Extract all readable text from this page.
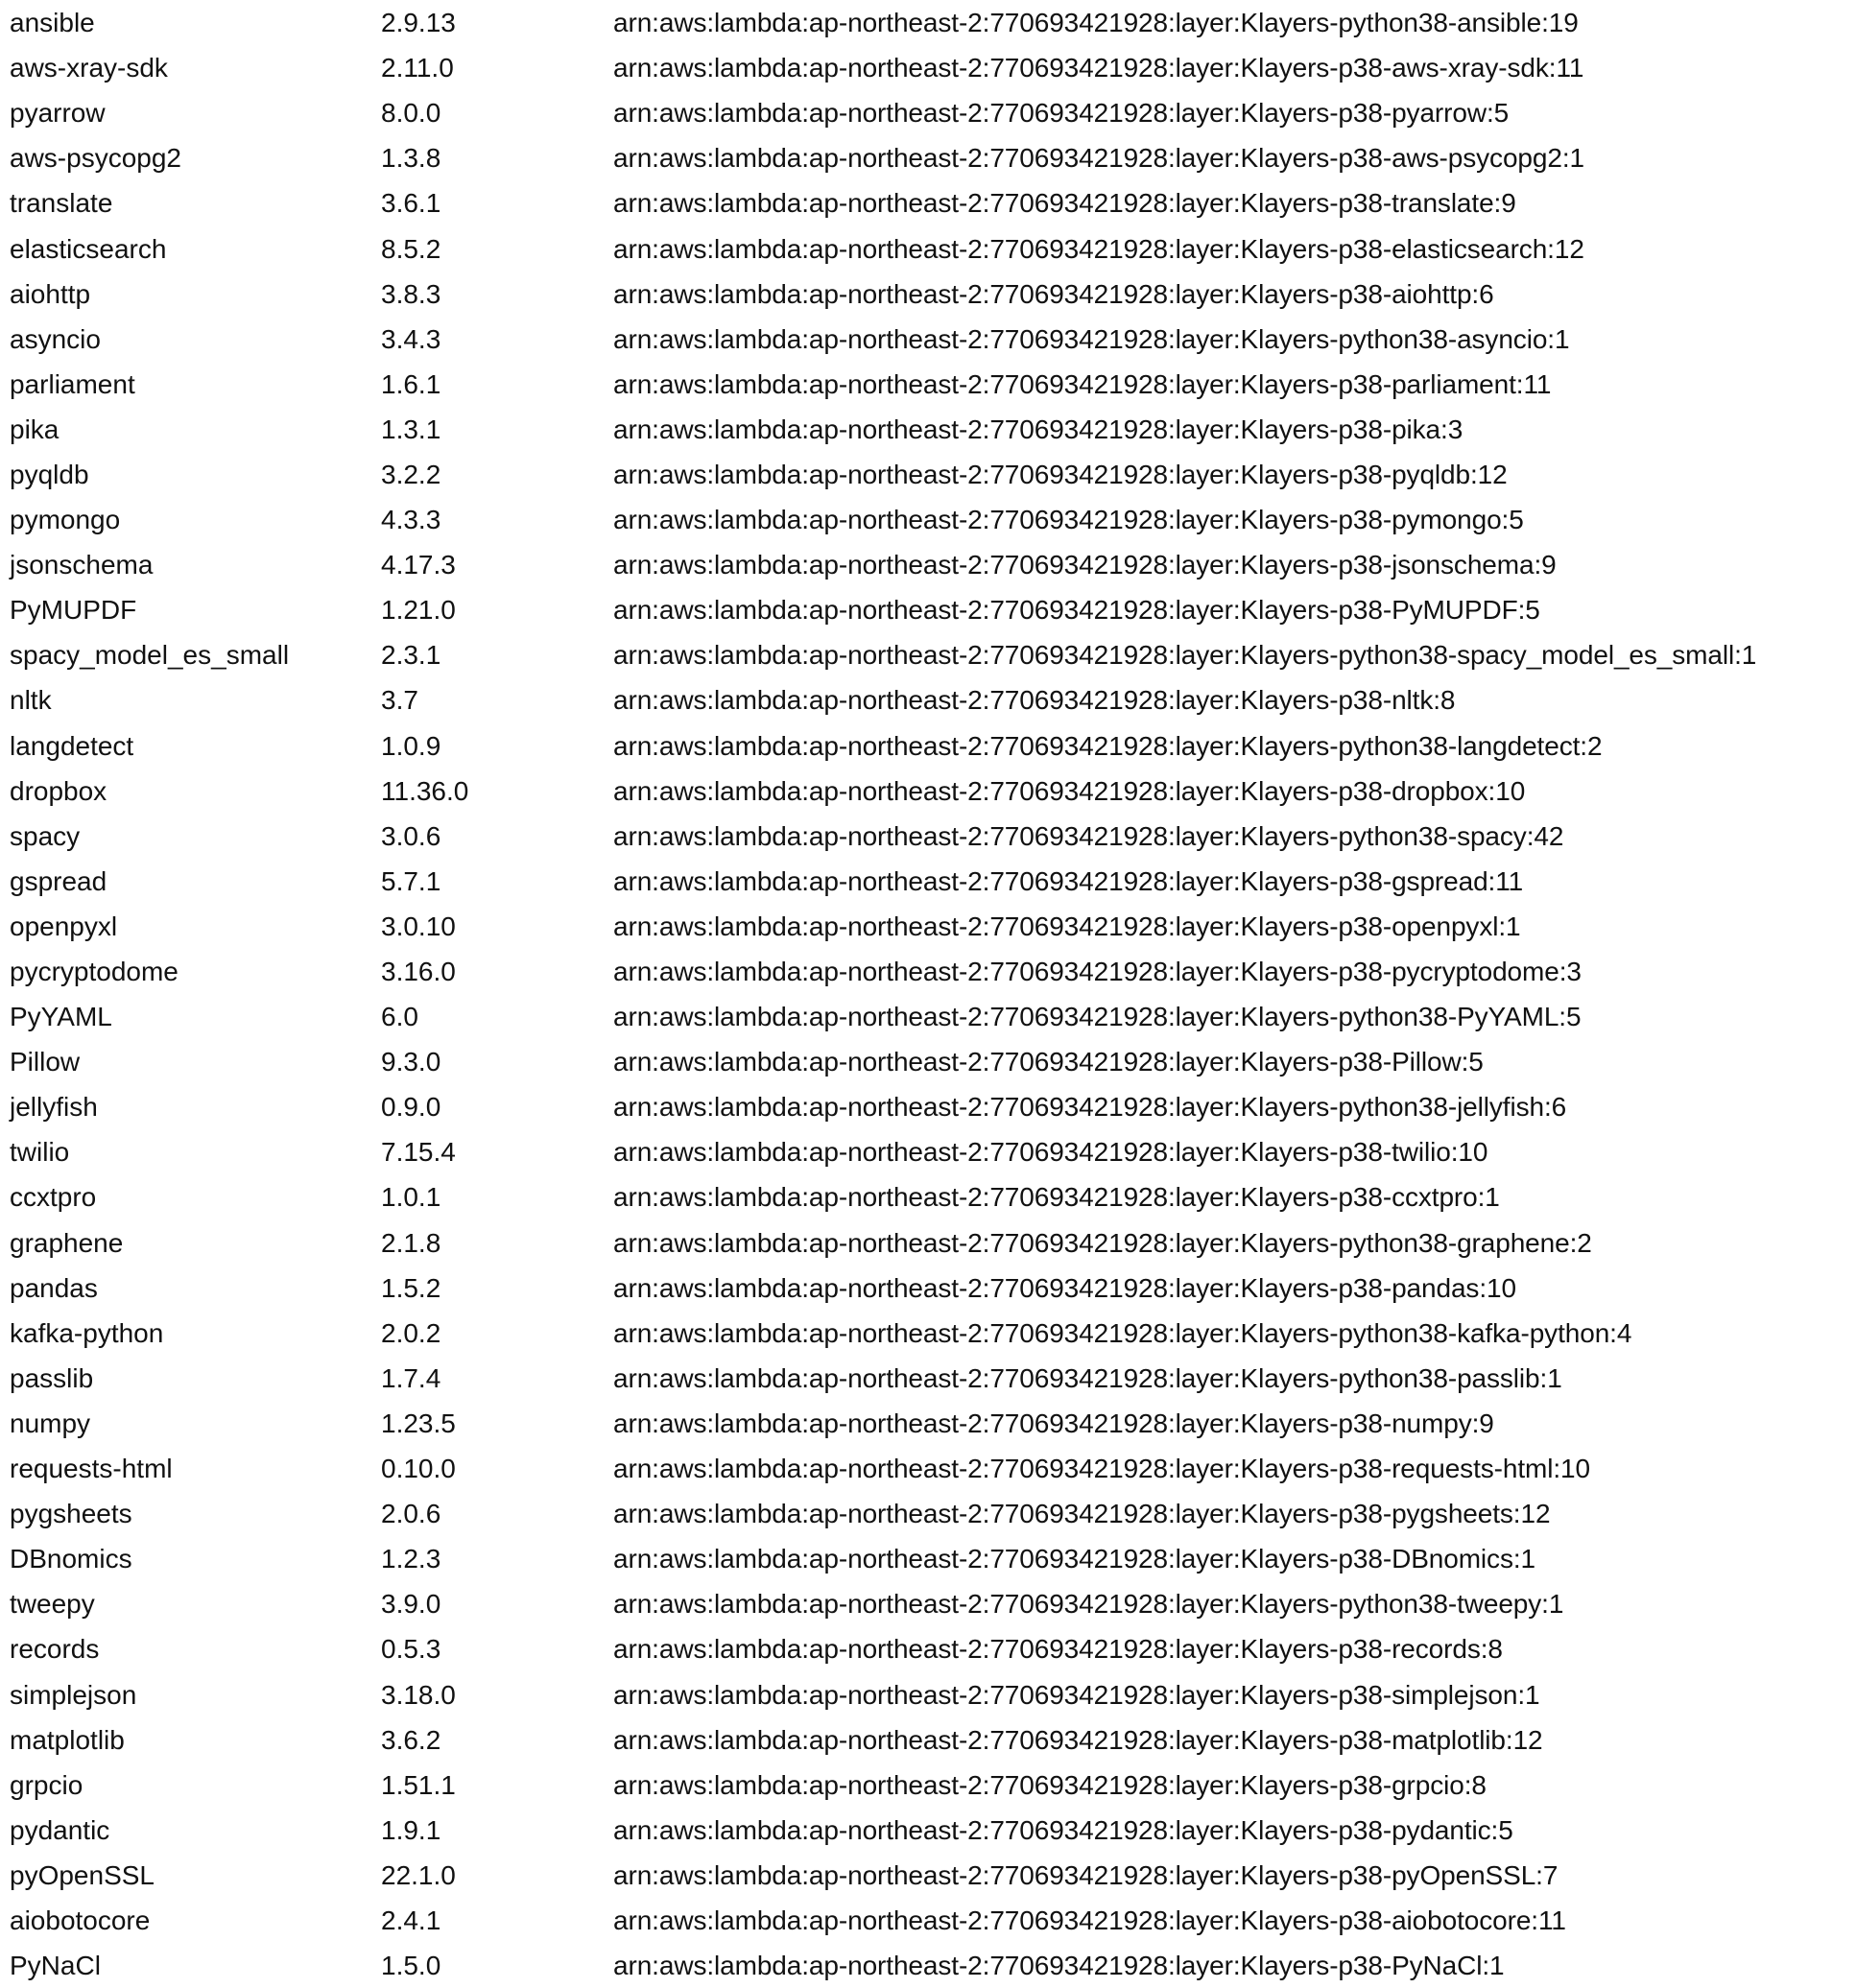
ansible	2.9.13	arn:aws:lambda:ap-northeast-2:770693421928:layer:Klayers-python38-ansible:19
aws-xray-sdk	2.11.0	arn:aws:lambda:ap-northeast-2:770693421928:layer:Klayers-p38-aws-xray-sdk:11
pyarrow	8.0.0	arn:aws:lambda:ap-northeast-2:770693421928:layer:Klayers-p38-pyarrow:5
aws-psycopg2	1.3.8	arn:aws:lambda:ap-northeast-2:770693421928:layer:Klayers-p38-aws-psycopg2:1
translate	3.6.1	arn:aws:lambda:ap-northeast-2:770693421928:layer:Klayers-p38-translate:9
elasticsearch	8.5.2	arn:aws:lambda:ap-northeast-2:770693421928:layer:Klayers-p38-elasticsearch:12
aiohttp	3.8.3	arn:aws:lambda:ap-northeast-2:770693421928:layer:Klayers-p38-aiohttp:6
asyncio	3.4.3	arn:aws:lambda:ap-northeast-2:770693421928:layer:Klayers-python38-asyncio:1
parliament	1.6.1	arn:aws:lambda:ap-northeast-2:770693421928:layer:Klayers-p38-parliament:11
pika	1.3.1	arn:aws:lambda:ap-northeast-2:770693421928:layer:Klayers-p38-pika:3
pyqldb	3.2.2	arn:aws:lambda:ap-northeast-2:770693421928:layer:Klayers-p38-pyqldb:12
pymongo	4.3.3	arn:aws:lambda:ap-northeast-2:770693421928:layer:Klayers-p38-pymongo:5
jsonschema	4.17.3	arn:aws:lambda:ap-northeast-2:770693421928:layer:Klayers-p38-jsonschema:9
PyMUPDF	1.21.0	arn:aws:lambda:ap-northeast-2:770693421928:layer:Klayers-p38-PyMUPDF:5
spacy_model_es_small	2.3.1	arn:aws:lambda:ap-northeast-2:770693421928:layer:Klayers-python38-spacy_model_es_small:1
nltk	3.7	arn:aws:lambda:ap-northeast-2:770693421928:layer:Klayers-p38-nltk:8
langdetect	1.0.9	arn:aws:lambda:ap-northeast-2:770693421928:layer:Klayers-python38-langdetect:2
dropbox	11.36.0	arn:aws:lambda:ap-northeast-2:770693421928:layer:Klayers-p38-dropbox:10
spacy	3.0.6	arn:aws:lambda:ap-northeast-2:770693421928:layer:Klayers-python38-spacy:42
gspread	5.7.1	arn:aws:lambda:ap-northeast-2:770693421928:layer:Klayers-p38-gspread:11
openpyxl	3.0.10	arn:aws:lambda:ap-northeast-2:770693421928:layer:Klayers-p38-openpyxl:1
pycryptodome	3.16.0	arn:aws:lambda:ap-northeast-2:770693421928:layer:Klayers-p38-pycryptodome:3
PyYAML	6.0	arn:aws:lambda:ap-northeast-2:770693421928:layer:Klayers-python38-PyYAML:5
Pillow	9.3.0	arn:aws:lambda:ap-northeast-2:770693421928:layer:Klayers-p38-Pillow:5
jellyfish	0.9.0	arn:aws:lambda:ap-northeast-2:770693421928:layer:Klayers-python38-jellyfish:6
twilio	7.15.4	arn:aws:lambda:ap-northeast-2:770693421928:layer:Klayers-p38-twilio:10
ccxtpro	1.0.1	arn:aws:lambda:ap-northeast-2:770693421928:layer:Klayers-p38-ccxtpro:1
graphene	2.1.8	arn:aws:lambda:ap-northeast-2:770693421928:layer:Klayers-python38-graphene:2
pandas	1.5.2	arn:aws:lambda:ap-northeast-2:770693421928:layer:Klayers-p38-pandas:10
kafka-python	2.0.2	arn:aws:lambda:ap-northeast-2:770693421928:layer:Klayers-python38-kafka-python:4
passlib	1.7.4	arn:aws:lambda:ap-northeast-2:770693421928:layer:Klayers-python38-passlib:1
numpy	1.23.5	arn:aws:lambda:ap-northeast-2:770693421928:layer:Klayers-p38-numpy:9
requests-html	0.10.0	arn:aws:lambda:ap-northeast-2:770693421928:layer:Klayers-p38-requests-html:10
pygsheets	2.0.6	arn:aws:lambda:ap-northeast-2:770693421928:layer:Klayers-p38-pygsheets:12
DBnomics	1.2.3	arn:aws:lambda:ap-northeast-2:770693421928:layer:Klayers-p38-DBnomics:1
tweepy	3.9.0	arn:aws:lambda:ap-northeast-2:770693421928:layer:Klayers-python38-tweepy:1
records	0.5.3	arn:aws:lambda:ap-northeast-2:770693421928:layer:Klayers-p38-records:8
simplejson	3.18.0	arn:aws:lambda:ap-northeast-2:770693421928:layer:Klayers-p38-simplejson:1
matplotlib	3.6.2	arn:aws:lambda:ap-northeast-2:770693421928:layer:Klayers-p38-matplotlib:12
grpcio	1.51.1	arn:aws:lambda:ap-northeast-2:770693421928:layer:Klayers-p38-grpcio:8
pydantic	1.9.1	arn:aws:lambda:ap-northeast-2:770693421928:layer:Klayers-p38-pydantic:5
pyOpenSSL	22.1.0	arn:aws:lambda:ap-northeast-2:770693421928:layer:Klayers-p38-pyOpenSSL:7
aiobotocore	2.4.1	arn:aws:lambda:ap-northeast-2:770693421928:layer:Klayers-p38-aiobotocore:11
PyNaCl	1.5.0	arn:aws:lambda:ap-northeast-2:770693421928:layer:Klayers-p38-PyNaCl:1
